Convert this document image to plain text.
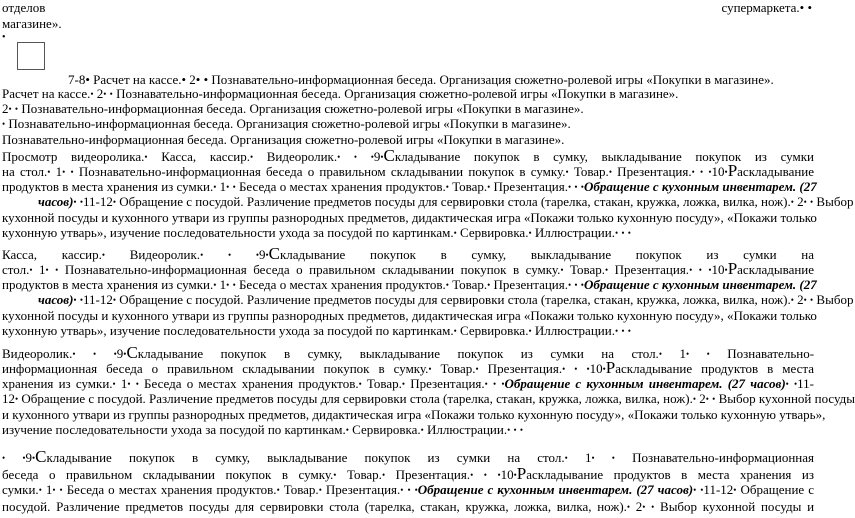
отделов	супермаркета.• •
магазине».
•
7-8• Расчет на кассе.• 2• • Познавательно-информационная беседа. Организация сюжетно-ролевой игры «Покупки в магазине».
Расчет на кассе.• 2• • Познавательно-информационная беседа. Организация сюжетно-ролевой игры «Покупки в магазине».
2• • Познавательно-информационная беседа. Организация сюжетно-ролевой игры «Покупки в магазине».
• Познавательно-информационная беседа. Организация сюжетно-ролевой игры «Покупки в магазине».
Познавательно-информационная беседа. Организация сюжетно-ролевой игры «Покупки в магазине».
Просмотр видеоролика.• Касса, кассир.• Видеоролик.• • •9•Складывание покупок в сумку, выкладывание покупок из сумки
на стол.• 1• • Познавательно-информационная беседа о правильном складывании покупок в сумку.• Товар.• Презентация.• • •10•Раскладывание
продуктов в места хранения из сумки.• 1• • Беседа о местах хранения продуктов.• Товар.• Презентация.• • •Обращение с кухонным инвентарем. (27
часов)• •11-12• Обращение с посудой. Различение предметов посуды для сервировки стола (тарелка, стакан, кружка, ложка, вилка, нож).• 2• • Выбор
кухонной посуды и кухонного утвари из группы разнородных предметов, дидактическая игра «Покажи только кухонную посуду», «Покажи только
кухонную утварь», изучение последовательности ухода за посудой по картинкам.• Сервировка.• Иллюстрации.• • •
Касса, кассир.• Видеоролик.•	•	•9•Складывание покупок в сумку, выкладывание покупок из сумки на
стол.• 1• • Познавательно-информационная беседа о правильном складывании покупок в сумку.• Товар.• Презентация.• • •10•Раскладывание
продуктов в места хранения из сумки.• 1• • Беседа о местах хранения продуктов.• Товар.• Презентация.• • •Обращение с кухонным инвентарем. (27
часов)• •11-12• Обращение с посудой. Различение предметов посуды для сервировки стола (тарелка, стакан, кружка, ложка, вилка, нож).• 2• • Выбор
кухонной посуды и кухонного утвари из группы разнородных предметов, дидактическая игра «Покажи только кухонную посуду», «Покажи только
кухонную утварь», изучение последовательности ухода за посудой по картинкам.• Сервировка.• Иллюстрации.• • •
Видеоролик.• • •9•Складывание покупок в сумку, выкладывание покупок из сумки на стол.• 1• • Познавательно-
информационная беседа о правильном складывании покупок в сумку.• Товар.• Презентация.• • •10•Раскладывание продуктов в места
хранения из сумки.• 1• • Беседа о местах хранения продуктов.• Товар.• Презентация.• • •Обращение с кухонным инвентарем. (27 часов)• •11-
12• Обращение с посудой. Различение предметов посуды для сервировки стола (тарелка, стакан, кружка, ложка, вилка, нож).• 2• • Выбор кухонной посуды
и кухонного утвари из группы разнородных предметов, дидактическая игра «Покажи только кухонную посуду», «Покажи только кухонную утварь»,
изучение последовательности ухода за посудой по картинкам.• Сервировка.• Иллюстрации.• • •
• •9•Складывание покупок в сумку, выкладывание покупок из сумки на стол.• 1• • Познавательно-информационная
беседа о правильном складывании покупок в сумку.• Товар.• Презентация.• • •10•Раскладывание продуктов в места хранения из
сумки.• 1• • Беседа о местах хранения продуктов.• Товар.• Презентация.• • •Обращение с кухонным инвентарем. (27 часов)• •11-12• Обращение с
посудой. Различение предметов посуды для сервировки стола (тарелка, стакан, кружка, ложка, вилка, нож).• 2• • Выбор кухонной посуды и
